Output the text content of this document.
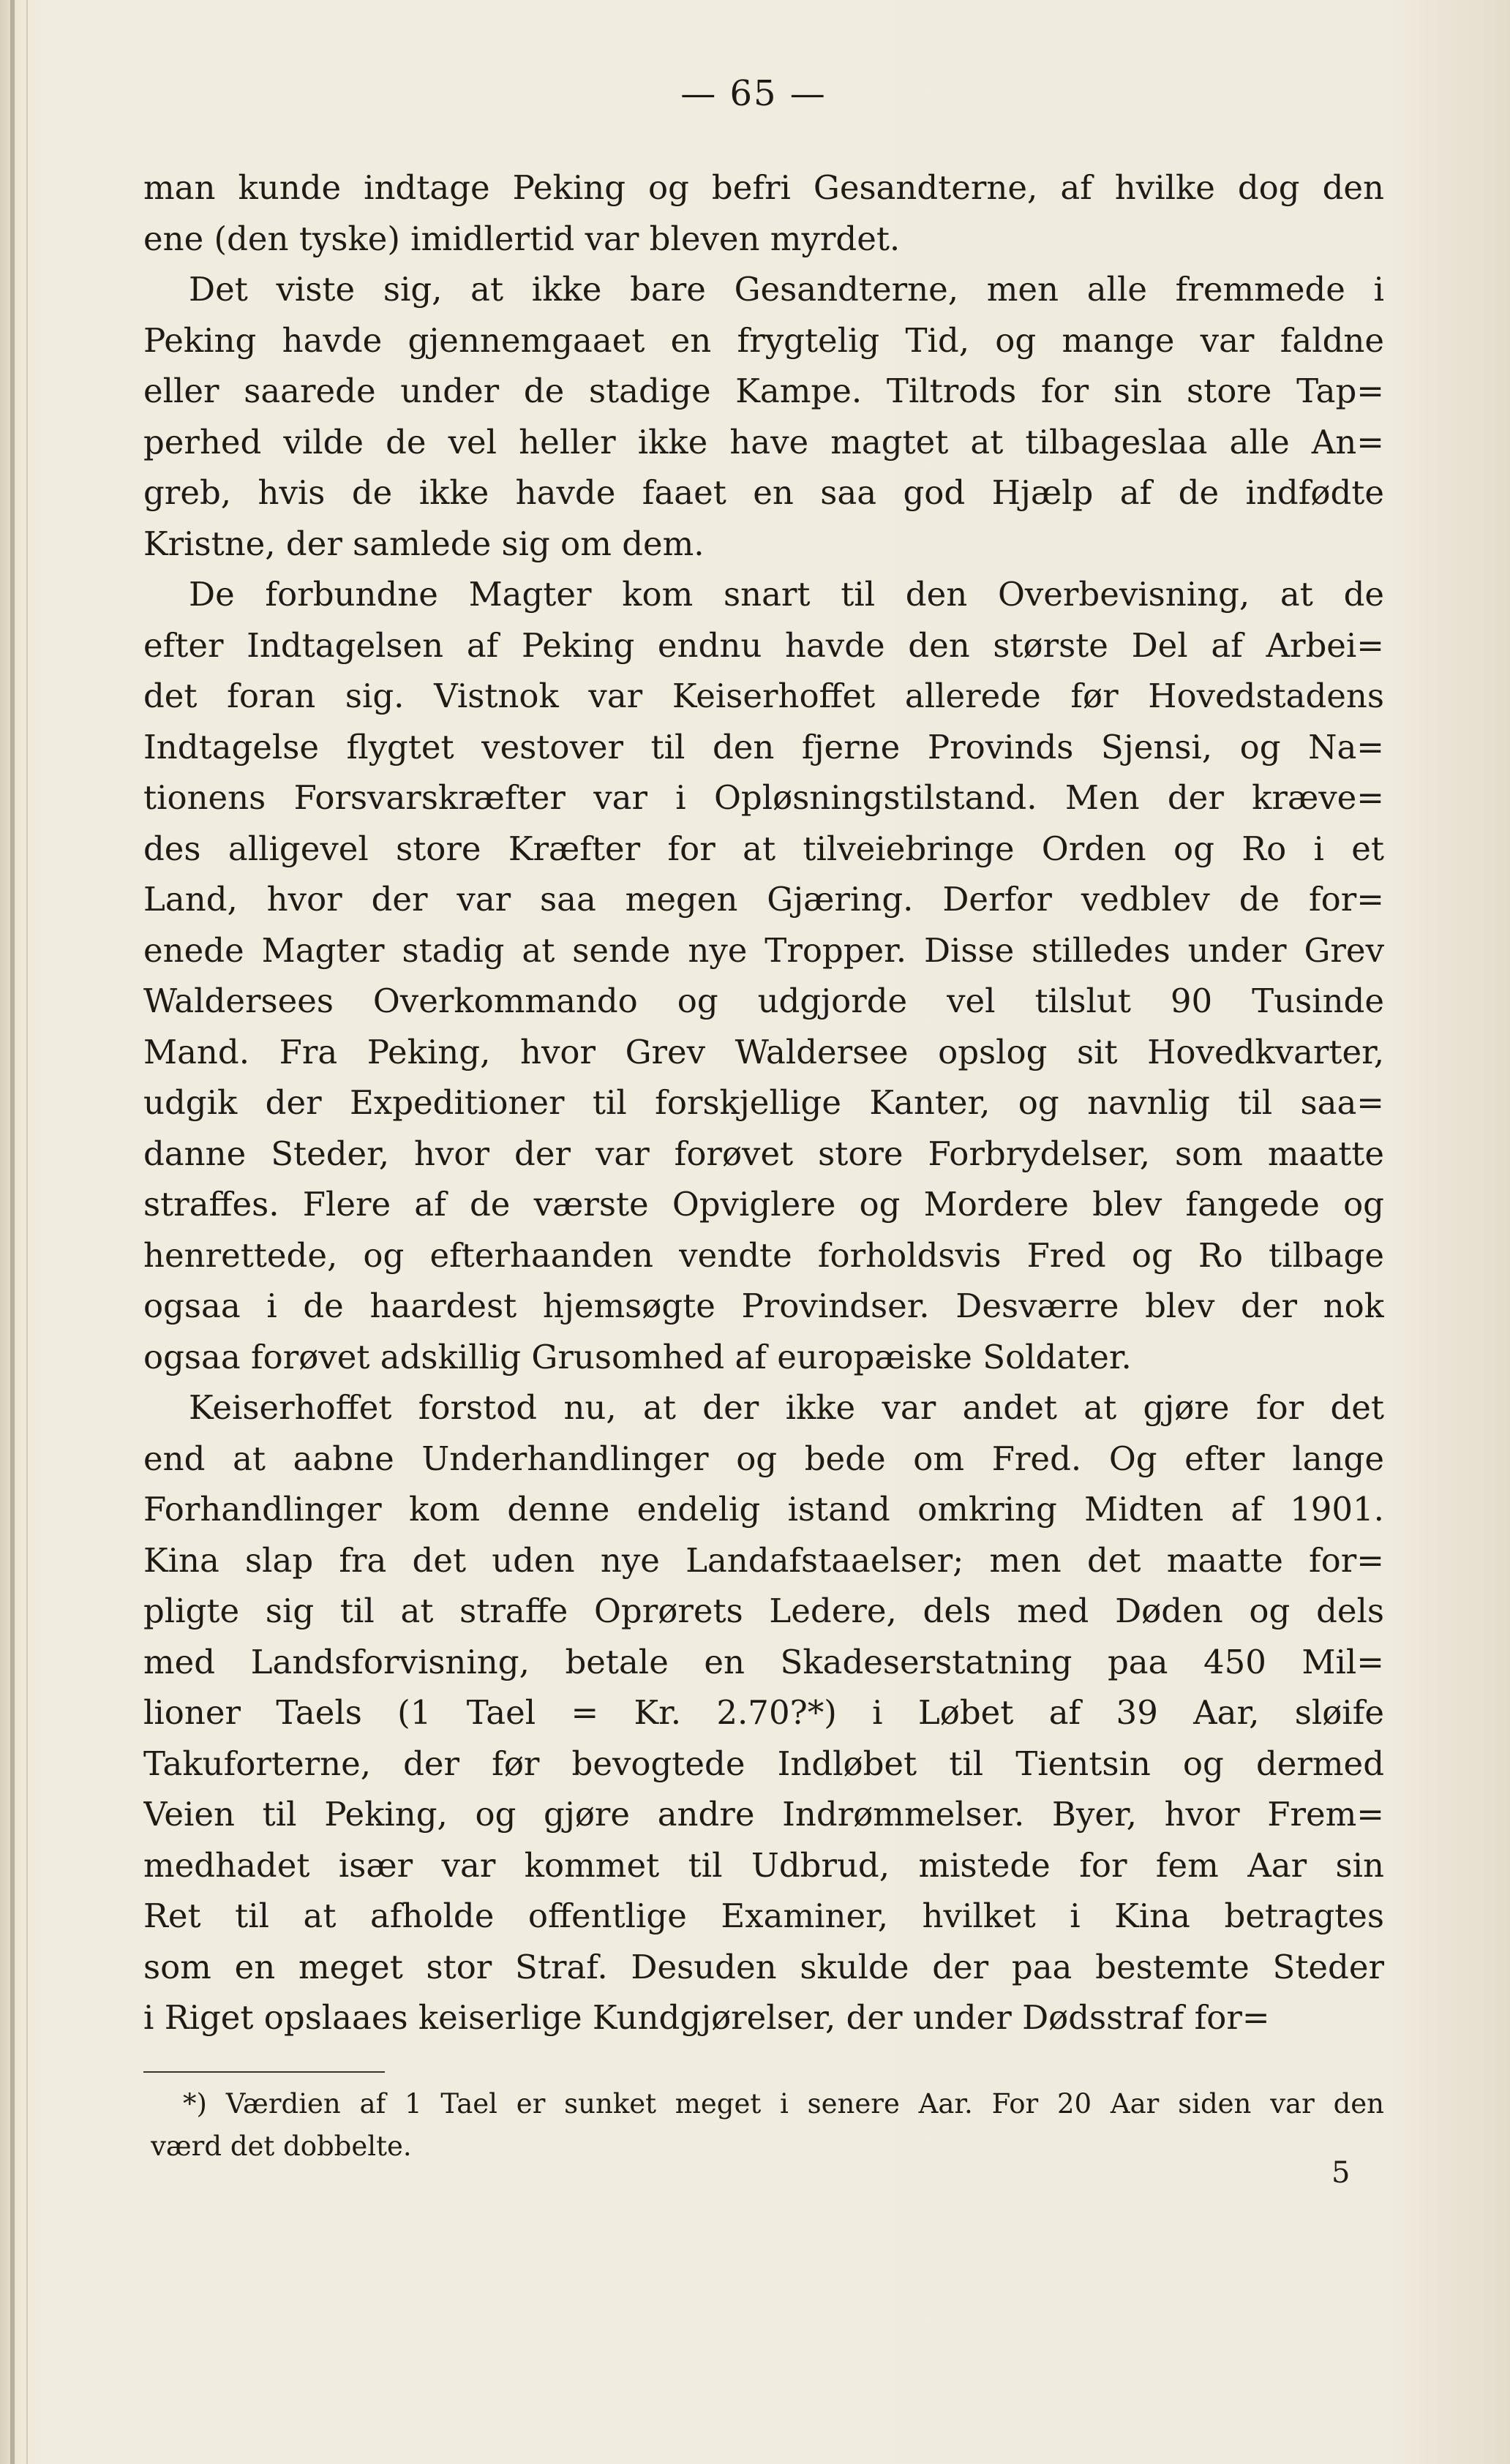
— 65 —
man kunde indtage Peking og befri Gesandterne, af hvilke dog den
ene (den tyske) imidlertid var bleven myrdet.
Det viste sig, at ikke bare Gesandterne, men alle fremmede i
Peking havde gjennemgaaet en frygtelig Tid, og mange var faldne
eller saarede under de stadige Kampe. Tiltrods for sin store Tap=
perhed vilde de vel heller ikke have magtet at tilbageslaa alle An=
greb, hvis de ikke havde faaet en saa god Hjælp af de indfødte
Kristne, der samlede sig om dem.
De forbundne Magter kom snart til den Overbevisning, at de
efter Indtagelsen af Peking endnu havde den største Del af Arbei=
det foran sig. Vistnok var Keiserhoffet allerede før Hovedstadens
Indtagelse flygtet vestover til den fjerne Provinds Sjensi, og Na=
tionens Forsvarskræfter var i Opløsningstilstand. Men der kræve=
des alligevel store Kræfter for at tilveiebringe Orden og Ro i et
Land, hvor der var saa megen Gjæring. Derfor vedblev de for=
enede Magter stadig at sende nye Tropper. Disse stilledes under Grev
Waldersees Overkommando og udgjorde vel tilslut 90 Tusinde
Mand. Fra Peking, hvor Grev Waldersee opslog sit Hovedkvarter,
udgik der Expeditioner til forskjellige Kanter, og navnlig til saa=
danne Steder, hvor der var forøvet store Forbrydelser, som maatte
straffes. Flere af de værste Opviglere og Mordere blev fangede og
henrettede, og efterhaanden vendte forholdsvis Fred og Ro tilbage
ogsaa i de haardest hjemsøgte Provindser. Desværre blev der nok
ogsaa forøvet adskillig Grusomhed af europæiske Soldater.
Keiserhoffet forstod nu, at der ikke var andet at gjøre for det
end at aabne Underhandlinger og bede om Fred. Og efter lange
Forhandlinger kom denne endelig istand omkring Midten af 1901.
Kina slap fra det uden nye Landafstaaelser; men det maatte for=
pligte sig til at straffe Oprørets Ledere, dels med Døden og dels
med Landsforvisning, betale en Skadeserstatning paa 450 Mil=
lioner Taels (1 Tael = Kr. 2.70?*) i Løbet af 39 Aar, sløife
Takuforterne, der før bevogtede Indløbet til Tientsin og dermed
Veien til Peking, og gjøre andre Indrømmelser. Byer, hvor Frem=
medhadet især var kommet til Udbrud, mistede for fem Aar sin
Ret til at afholde offentlige Examiner, hvilket i Kina betragtes
som en meget stor Straf. Desuden skulde der paa bestemte Steder
i Riget opslaaes keiserlige Kundgjørelser, der under Dødsstraf for=
*) Værdien af 1 Tael er sunket meget i senere Aar. For 20 Aar siden var den
værd det dobbelte.
5
